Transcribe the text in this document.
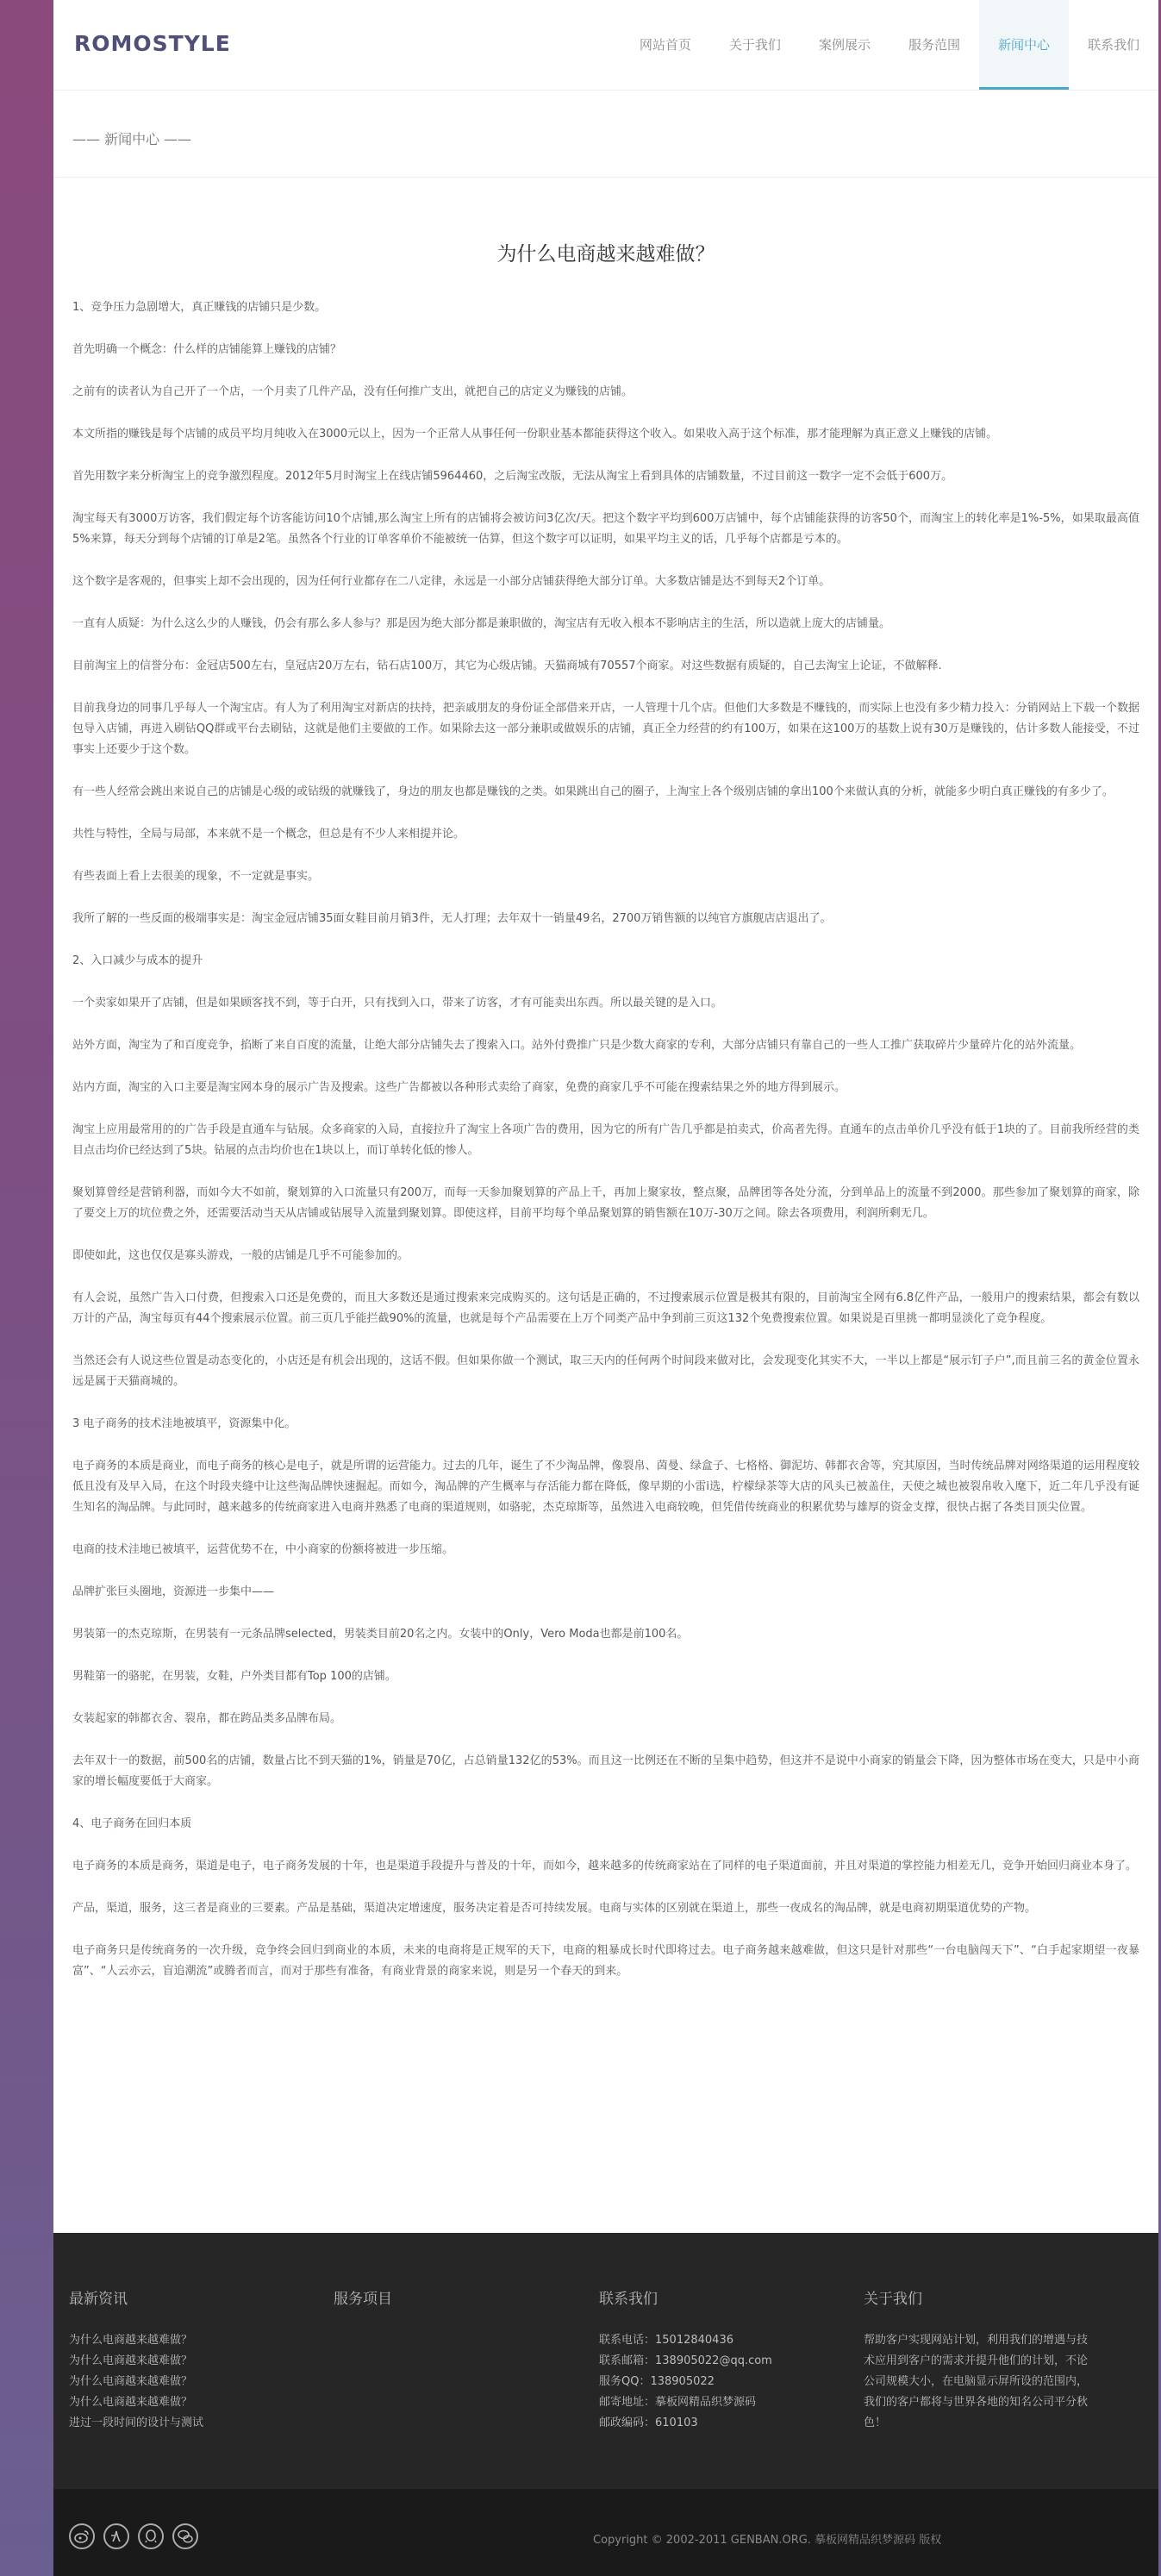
ROMOSTYLE	网站首页	关于我们	案例展示	服务范围	新闻中心	联系我们
—— 新闻中心 ——
为什么电商越来越难做？

1、竞争压力急剧增大，真正赚钱的店铺只是少数。

首先明确一个概念：什么样的店铺能算上赚钱的店铺？

之前有的读者认为自己开了一个店，一个月卖了几件产品，没有任何推广支出，就把自己的店定义为赚钱的店铺。

本文所指的赚钱是每个店铺的成员平均月纯收入在3000元以上，因为一个正常人从事任何一份职业基本都能获得这个收入。如果收入高于这个标准，那才能理解为真正意义上赚钱的店铺。

首先用数字来分析淘宝上的竞争激烈程度。2012年5月时淘宝上在线店铺5964460，之后淘宝改版，无法从淘宝上看到具体的店铺数量，不过目前这一数字一定不会低于600万。

淘宝每天有3000万访客，我们假定每个访客能访问10个店铺,那么淘宝上所有的店铺将会被访问3亿次/天。把这个数字平均到600万店铺中，每个店铺能获得的访客50个，而淘宝上的转化率是1%-5%，如果取最高值5%来算，每天分到每个店铺的订单是2笔。虽然各个行业的订单客单价不能被统一估算，但这个数字可以证明，如果平均主义的话，几乎每个店都是亏本的。

这个数字是客观的，但事实上却不会出现的，因为任何行业都存在二八定律，永远是一小部分店铺获得绝大部分订单。大多数店铺是达不到每天2个订单。

一直有人质疑：为什么这么少的人赚钱，仍会有那么多人参与？那是因为绝大部分都是兼职做的，淘宝店有无收入根本不影响店主的生活，所以造就上庞大的店铺量。

目前淘宝上的信誉分布：金冠店500左右，皇冠店20万左右，钻石店100万，其它为心级店铺。天猫商城有70557个商家。对这些数据有质疑的，自己去淘宝上论证，不做解释.

目前我身边的同事几乎每人一个淘宝店。有人为了利用淘宝对新店的扶持，把亲戚朋友的身份证全部借来开店，一人管理十几个店。但他们大多数是不赚钱的，而实际上也没有多少精力投入：分销网站上下载一个数据包导入店铺，再进入刷钻QQ群或平台去刷钻，这就是他们主要做的工作。如果除去这一部分兼职或做娱乐的店铺，真正全力经营的约有100万，如果在这100万的基数上说有30万是赚钱的，估计多数人能接受，不过事实上还要少于这个数。

有一些人经常会跳出来说自己的店铺是心级的或钻级的就赚钱了，身边的朋友也都是赚钱的之类。如果跳出自己的圈子，上淘宝上各个级别店铺的拿出100个来做认真的分析，就能多少明白真正赚钱的有多少了。

共性与特性，全局与局部，本来就不是一个概念，但总是有不少人来相提并论。

有些表面上看上去很美的现象，不一定就是事实。

我所了解的一些反面的极端事实是：淘宝金冠店铺35面女鞋目前月销3件，无人打理；去年双十一销量49名，2700万销售额的以纯官方旗舰店店退出了。

2、入口减少与成本的提升

一个卖家如果开了店铺，但是如果顾客找不到，等于白开，只有找到入口，带来了访客，才有可能卖出东西。所以最关键的是入口。

站外方面，淘宝为了和百度竞争，掐断了来自百度的流量，让绝大部分店铺失去了搜索入口。站外付费推广只是少数大商家的专利，大部分店铺只有靠自己的一些人工推广获取碎片少量碎片化的站外流量。

站内方面，淘宝的入口主要是淘宝网本身的展示广告及搜索。这些广告都被以各种形式卖给了商家，免费的商家几乎不可能在搜索结果之外的地方得到展示。

淘宝上应用最常用的的广告手段是直通车与钻展。众多商家的入局，直接拉升了淘宝上各项广告的费用，因为它的所有广告几乎都是拍卖式，价高者先得。直通车的点击单价几乎没有低于1块的了。目前我所经营的类目点击均价已经达到了5块。钻展的点击均价也在1块以上，而订单转化低的惨人。

聚划算曾经是营销利器，而如今大不如前，聚划算的入口流量只有200万，而每一天参加聚划算的产品上千，再加上聚家妆，整点聚，品牌团等各处分流，分到单品上的流量不到2000。那些参加了聚划算的商家，除了要交上万的坑位费之外，还需要活动当天从店铺或钻展导入流量到聚划算。即使这样，目前平均每个单品聚划算的销售额在10万-30万之间。除去各项费用，利润所剩无几。

即使如此，这也仅仅是寡头游戏，一般的店铺是几乎不可能参加的。

有人会说，虽然广告入口付费，但搜索入口还是免费的，而且大多数还是通过搜索来完成购买的。这句话是正确的，不过搜索展示位置是极其有限的，目前淘宝全网有6.8亿件产品，一般用户的搜索结果，都会有数以万计的产品，淘宝每页有44个搜索展示位置。前三页几乎能拦截90%的流量，也就是每个产品需要在上万个同类产品中争到前三页这132个免费搜索位置。如果说是百里挑一都明显淡化了竞争程度。

当然还会有人说这些位置是动态变化的，小店还是有机会出现的，这话不假。但如果你做一个测试，取三天内的任何两个时间段来做对比，会发现变化其实不大，一半以上都是“展示钉子户”,而且前三名的黄金位置永远是属于天猫商城的。

3 电子商务的技术洼地被填平，资源集中化。

电子商务的本质是商业，而电子商务的核心是电子，就是所谓的运营能力。过去的几年，诞生了不少淘品牌，像裂帛、茵曼、绿盒子、七格格、御泥坊、韩都衣舍等，究其原因，当时传统品牌对网络渠道的运用程度较低且没有及早入局，在这个时段夹缝中让这些淘品牌快速掘起。而如今，淘品牌的产生概率与存活能力都在降低，像早期的小雷i选，柠檬绿茶等大店的风头已被盖住，天使之城也被裂帛收入麾下，近二年几乎没有诞生知名的淘品牌。与此同时，越来越多的传统商家进入电商并熟悉了电商的渠道规则，如骆驼，杰克琼斯等，虽然进入电商较晚，但凭借传统商业的积累优势与雄厚的资金支撑，很快占据了各类目顶尖位置。

电商的技术洼地已被填平，运营优势不在，中小商家的份额将被进一步压缩。

品牌扩张巨头圈地，资源进一步集中——

男装第一的杰克琼斯，在男装有一元条品牌selected，男装类目前20名之内。女装中的Only，Vero Moda也都是前100名。

男鞋第一的骆驼，在男装，女鞋，户外类目都有Top 100的店铺。

女装起家的韩都衣舍、裂帛，都在跨品类多品牌布局。

去年双十一的数据，前500名的店铺，数量占比不到天猫的1%，销量是70亿，占总销量132亿的53%。而且这一比例还在不断的呈集中趋势，但这并不是说中小商家的销量会下降，因为整体市场在变大，只是中小商家的增长幅度要低于大商家。

4、电子商务在回归本质

电子商务的本质是商务，渠道是电子，电子商务发展的十年，也是渠道手段提升与普及的十年，而如今，越来越多的传统商家站在了同样的电子渠道面前，并且对渠道的掌控能力相差无几，竞争开始回归商业本身了。

产品，渠道，服务，这三者是商业的三要素。产品是基础，渠道决定增速度，服务决定着是否可持续发展。电商与实体的区别就在渠道上，那些一夜成名的淘品牌，就是电商初期渠道优势的产物。

电子商务只是传统商务的一次升级，竞争终会回归到商业的本质，未来的电商将是正规军的天下，电商的粗暴成长时代即将过去。电子商务越来越难做，但这只是针对那些“一台电脑闯天下”、“白手起家期望一夜暴富”、“人云亦云，盲追潮流”或腾者而言，而对于那些有准备，有商业背景的商家来说，则是另一个春天的到来。

最新资讯
为什么电商越来越难做？
为什么电商越来越难做？
为什么电商越来越难做？
为什么电商越来越难做？
进过一段时间的设计与测试
服务项目	联系我们
联系电话：15012840436
联系邮箱：138905022@qq.com
服务QQ：138905022
邮寄地址：摹板网精品织梦源码
邮政编码：610103
关于我们
帮助客户实现网站计划，利用我们的增遇与技术应用到客户的需求并提升他们的计划，不论公司规模大小，在电脑显示屏所设的范围内，我们的客户都将与世界各地的知名公司平分秋色！
Copyright © 2002-2011 GENBAN.ORG. 摹板网精品织梦源码 版权
